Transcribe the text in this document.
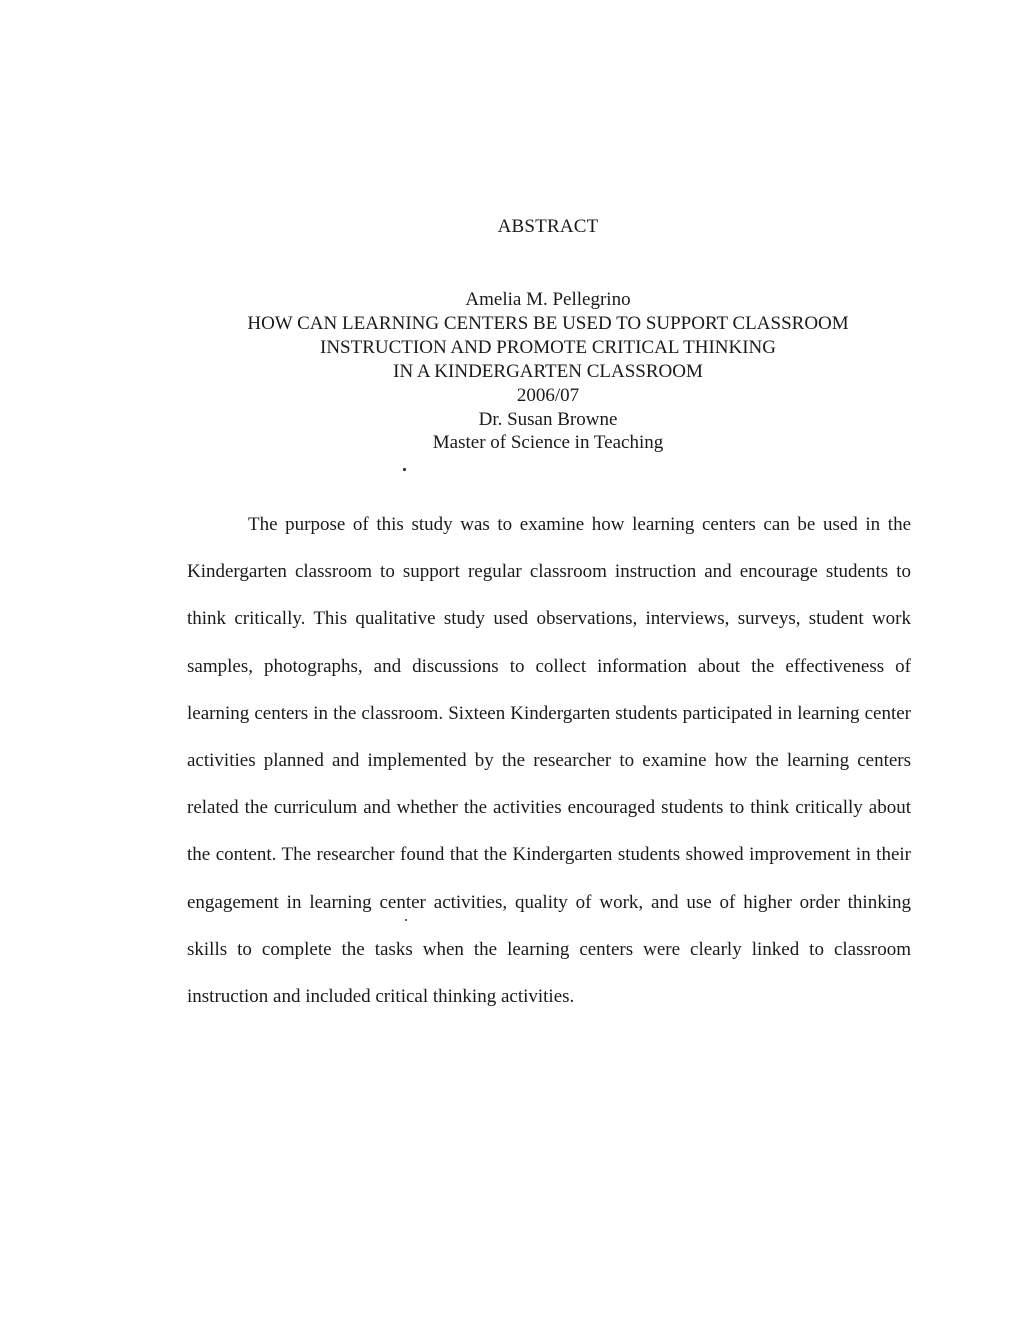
ABSTRACT
Amelia M. Pellegrino
HOW CAN LEARNING CENTERS BE USED TO SUPPORT CLASSROOM
INSTRUCTION AND PROMOTE CRITICAL THINKING
IN A KINDERGARTEN CLASSROOM
2006/07
Dr. Susan Browne
Master of Science in Teaching

The purpose of this study was to examine how learning centers can be used in the Kindergarten classroom to support regular classroom instruction and encourage students to think critically. This qualitative study used observations, interviews, surveys, student work samples, photographs, and discussions to collect information about the effectiveness of learning centers in the classroom. Sixteen Kindergarten students participated in learning center activities planned and implemented by the researcher to examine how the learning centers related the curriculum and whether the activities encouraged students to think critically about the content. The researcher found that the Kindergarten students showed improvement in their engagement in learning center activities, quality of work, and use of higher order thinking skills to complete the tasks when the learning centers were clearly linked to classroom instruction and included critical thinking activities.
